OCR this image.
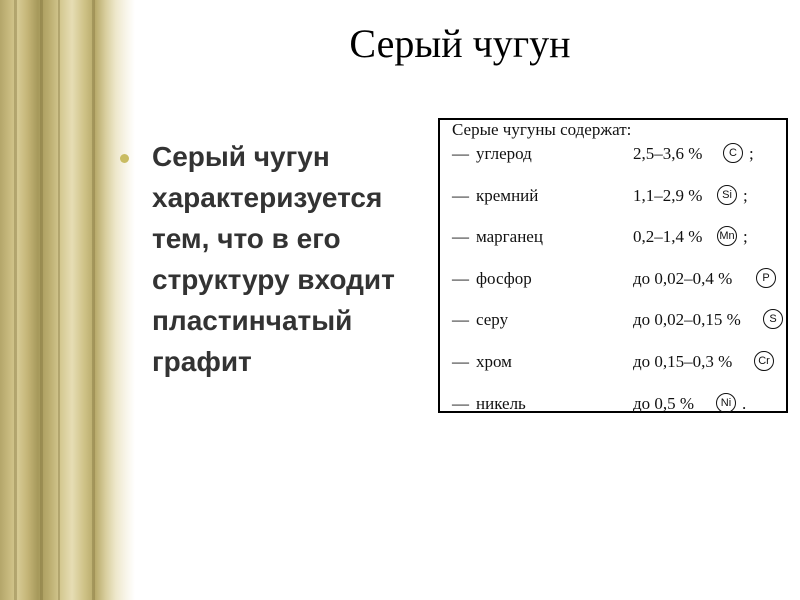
Серый чугун
Серый чугун характеризуется тем, что в его структуру входит пластинчатый графит
Серые чугуны содержат:
— углерод	2,5–3,6 %	C ;
— кремний	1,1–2,9 %	Si ;
— марганец	0,2–1,4 % Mn ;
— фосфор	до 0,02–0,4 %	P
— серу	до 0,02–0,15 %	S
— хром	до 0,15–0,3 %	Cr
— никель	до 0,5 %	Ni .
